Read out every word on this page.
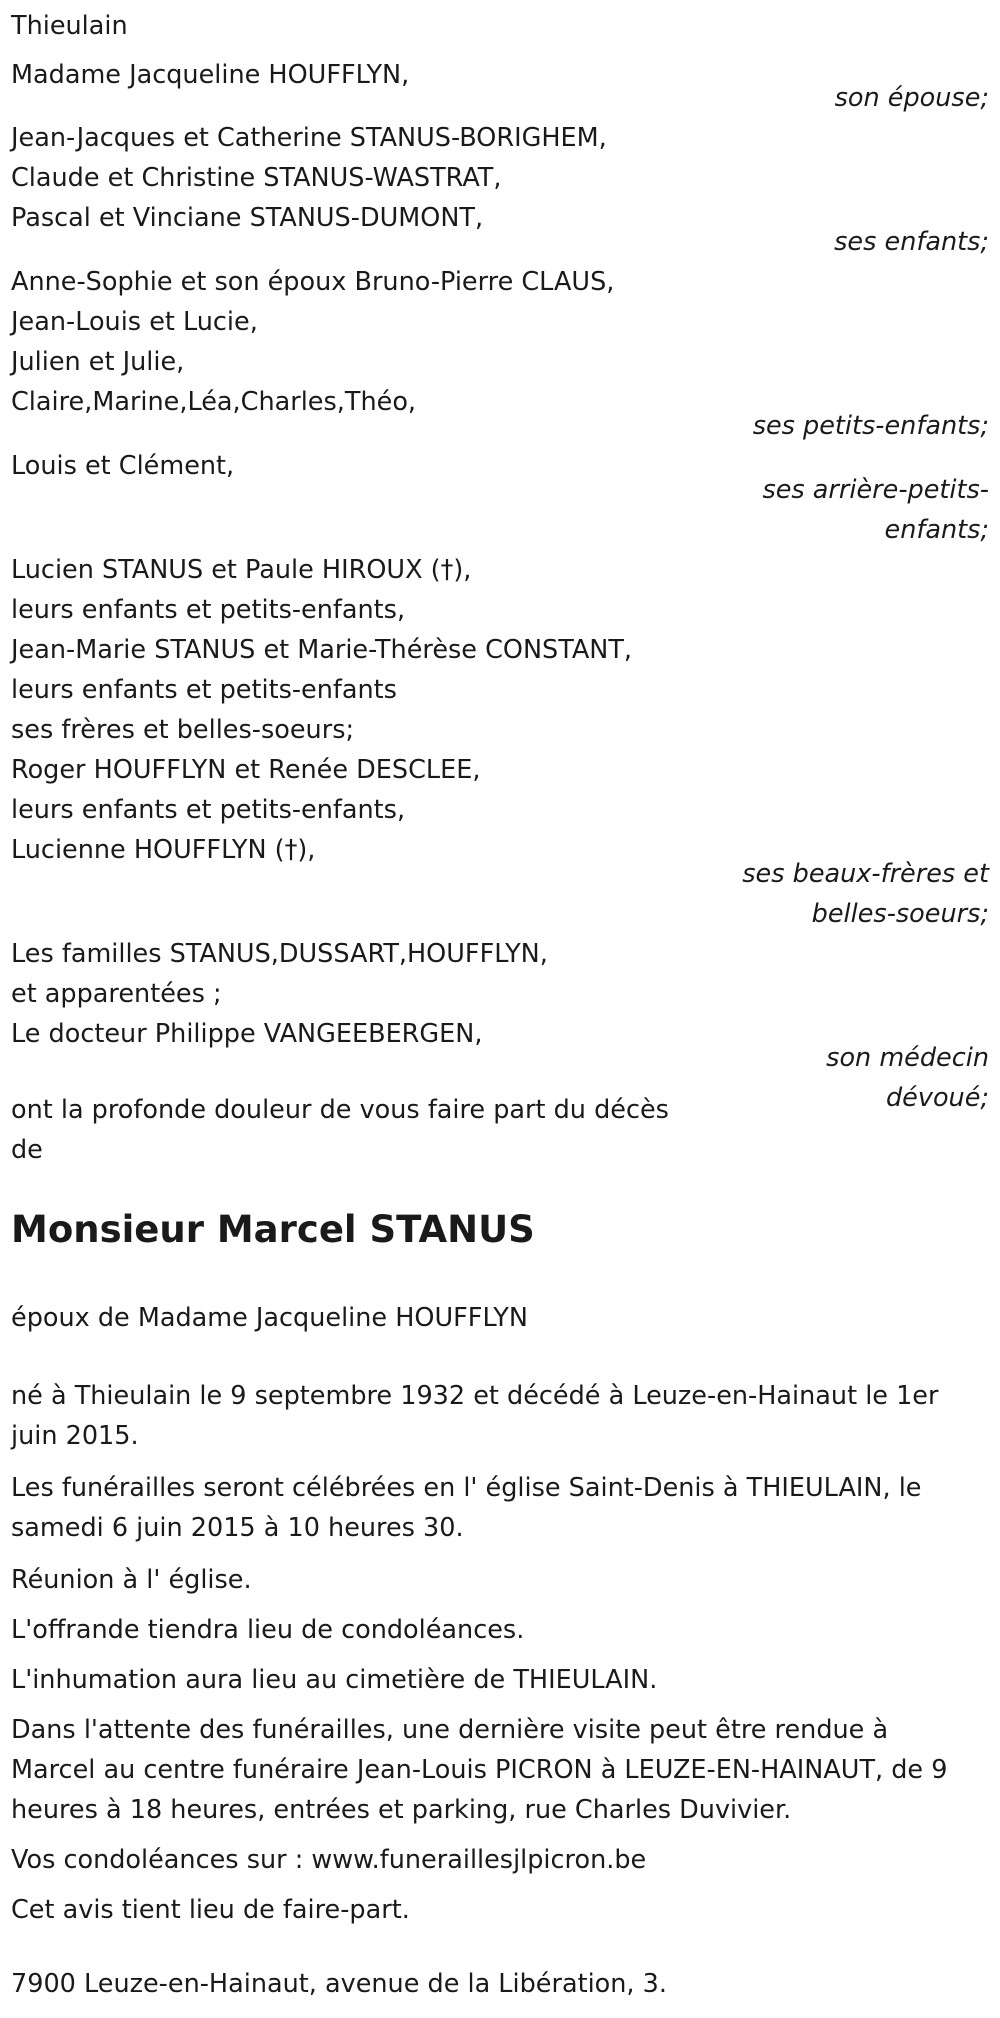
Thieulain
Madame Jacqueline HOUFFLYN,
Jean-Jacques et Catherine STANUS-BORIGHEM,
Claude et Christine STANUS-WASTRAT,
Pascal et Vinciane STANUS-DUMONT,
Anne-Sophie et son époux Bruno-Pierre CLAUS,
Jean-Louis et Lucie,
Julien et Julie,
Claire,Marine,Léa,Charles,Théo,
Louis et Clément,
Lucien STANUS et Paule HIROUX (†),
leurs enfants et petits-enfants,
Jean-Marie STANUS et Marie-Thérèse CONSTANT,
leurs enfants et petits-enfants
ses frères et belles-soeurs;
Roger HOUFFLYN et Renée DESCLEE,
leurs enfants et petits-enfants,
Lucienne HOUFFLYN (†),
Les familles STANUS,DUSSART,HOUFFLYN,
et apparentées ;
Le docteur Philippe VANGEEBERGEN,
ont la profonde douleur de vous faire part du décès
de
son épouse;
ses enfants;
ses petits-enfants;
ses arrière-petits-
enfants;
ses beaux-frères et
belles-soeurs;
son médecin
dévoué;
Monsieur Marcel STANUS
époux de Madame Jacqueline HOUFFLYN
né à Thieulain le 9 septembre 1932 et décédé à Leuze-en-Hainaut le 1er
juin 2015.
Les funérailles seront célébrées en l' église Saint-Denis à THIEULAIN, le
samedi 6 juin 2015 à 10 heures 30.
Réunion à l' église.
L'offrande tiendra lieu de condoléances.
L'inhumation aura lieu au cimetière de THIEULAIN.
Dans l'attente des funérailles, une dernière visite peut être rendue à
Marcel au centre funéraire Jean-Louis PICRON à LEUZE-EN-HAINAUT, de 9
heures à 18 heures, entrées et parking, rue Charles Duvivier.
Vos condoléances sur : www.funeraillesjlpicron.be
Cet avis tient lieu de faire-part.
7900 Leuze-en-Hainaut, avenue de la Libération, 3.
